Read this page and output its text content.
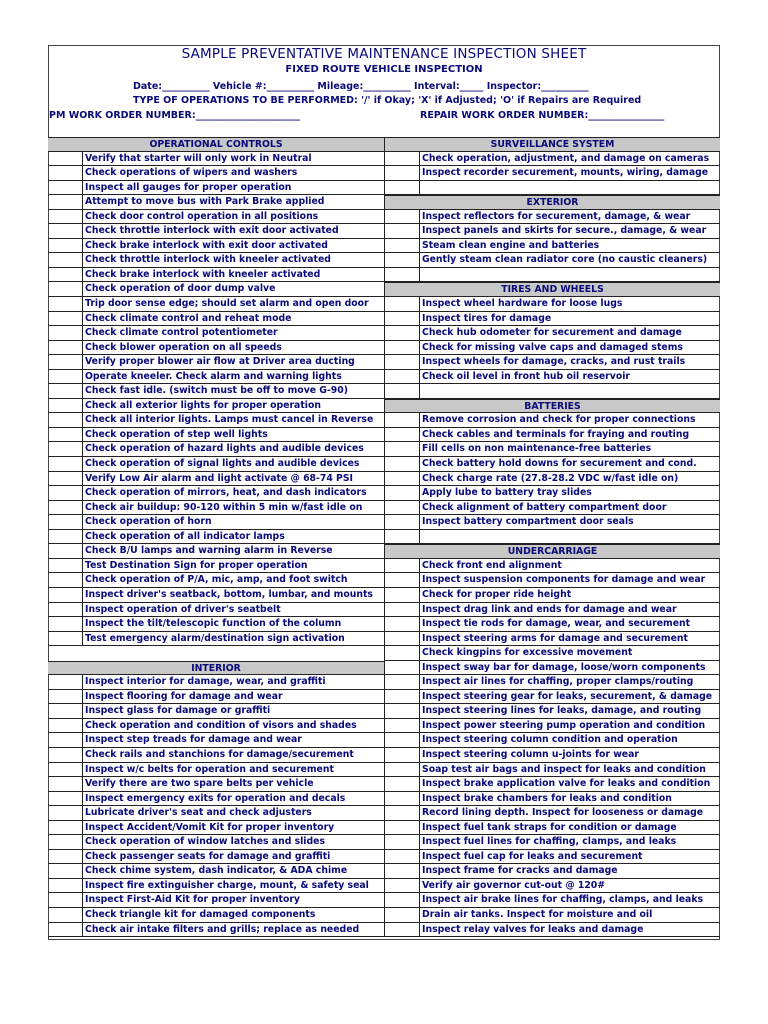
SAMPLE PREVENTATIVE MAINTENANCE INSPECTION SHEET
FIXED ROUTE VEHICLE INSPECTION
Date:__________ Vehicle #:__________ Mileage:__________ Interval:_____ Inspector:__________
TYPE OF OPERATIONS TO BE PERFORMED: '/' if Okay; 'X' if Adjusted; 'O' if Repairs are Required
PM WORK ORDER NUMBER:______________________	REPAIR WORK ORDER NUMBER:________________
OPERATIONAL CONTROLS
Verify that starter will only work in Neutral
Check operations of wipers and washers
Inspect all gauges for proper operation
Attempt to move bus with Park Brake applied
Check door control operation in all positions
Check throttle interlock with exit door activated
Check brake interlock with exit door activated
Check throttle interlock with kneeler activated
Check brake interlock with kneeler activated
Check operation of door dump valve
Trip door sense edge; should set alarm and open door
Check climate control and reheat mode
Check climate control potentiometer
Check blower operation on all speeds
Verify proper blower air flow at Driver area ducting
Operate kneeler. Check alarm and warning lights
Check fast idle. (switch must be off to move G-90)
Check all exterior lights for proper operation
Check all interior lights. Lamps must cancel in Reverse
Check operation of step well lights
Check operation of hazard lights and audible devices
Check operation of signal lights and audible devices
Verify Low Air alarm and light activate @ 68-74 PSI
Check operation of mirrors, heat, and dash indicators
Check air buildup: 90-120 within 5 min w/fast idle on
Check operation of horn
Check operation of all indicator lamps
Check B/U lamps and warning alarm in Reverse
Test Destination Sign for proper operation
Check operation of P/A, mic, amp, and foot switch
Inspect driver's seatback, bottom, lumbar, and mounts
Inspect operation of driver's seatbelt
Inspect the tilt/telescopic function of the column
Test emergency alarm/destination sign activation
INTERIOR
Inspect interior for damage, wear, and graffiti
Inspect flooring for damage and wear
Inspect glass for damage or graffiti
Check operation and condition of visors and shades
Inspect step treads for damage and wear
Check rails and stanchions for damage/securement
Inspect w/c belts for operation and securement
Verify there are two spare belts per vehicle
Inspect emergency exits for operation and decals
Lubricate driver's seat and check adjusters
Inspect Accident/Vomit Kit for proper inventory
Check operation of window latches and slides
Check passenger seats for damage and graffiti
Check chime system, dash indicator, & ADA chime
Inspect fire extinguisher charge, mount, & safety seal
Inspect First-Aid Kit for proper inventory
Check triangle kit for damaged components
Check air intake filters and grills; replace as needed
SURVEILLANCE SYSTEM
Check operation, adjustment, and damage on cameras
Inspect recorder securement, mounts, wiring, damage
EXTERIOR
Inspect reflectors for securement, damage, & wear
Inspect panels and skirts for secure., damage, & wear
Steam clean engine and batteries
Gently steam clean radiator core (no caustic cleaners)
TIRES AND WHEELS
Inspect wheel hardware for loose lugs
Inspect tires for damage
Check hub odometer for securement and damage
Check for missing valve caps and damaged stems
Inspect wheels for damage, cracks, and rust trails
Check oil level in front hub oil reservoir
BATTERIES
Remove corrosion and check for proper connections
Check cables and terminals for fraying and routing
Fill cells on non maintenance-free batteries
Check battery hold downs for securement and cond.
Check charge rate (27.8-28.2 VDC w/fast idle on)
Apply lube to battery tray slides
Check alignment of battery compartment door
Inspect battery compartment door seals
UNDERCARRIAGE
Check front end alignment
Inspect suspension components for damage and wear
Check for proper ride height
Inspect drag link and ends for damage and wear
Inspect tie rods for damage, wear, and securement
Inspect steering arms for damage and securement
Check kingpins for excessive movement
Inspect sway bar for damage, loose/worn components
Inspect air lines for chaffing, proper clamps/routing
Inspect steering gear for leaks, securement, & damage
Inspect steering lines for leaks, damage, and routing
Inspect power steering pump operation and condition
Inspect steering column condition and operation
Inspect steering column u-joints for wear
Soap test air bags and inspect for leaks and condition
Inspect brake application valve for leaks and condition
Inspect brake chambers for leaks and condition
Record lining depth. Inspect for looseness or damage
Inspect fuel tank straps for condition or damage
Inspect fuel lines for chaffing, clamps, and leaks
Inspect fuel cap for leaks and securement
Inspect frame for cracks and damage
Verify air governor cut-out @ 120#
Inspect air brake lines for chaffing, clamps, and leaks
Drain air tanks. Inspect for moisture and oil
Inspect relay valves for leaks and damage
